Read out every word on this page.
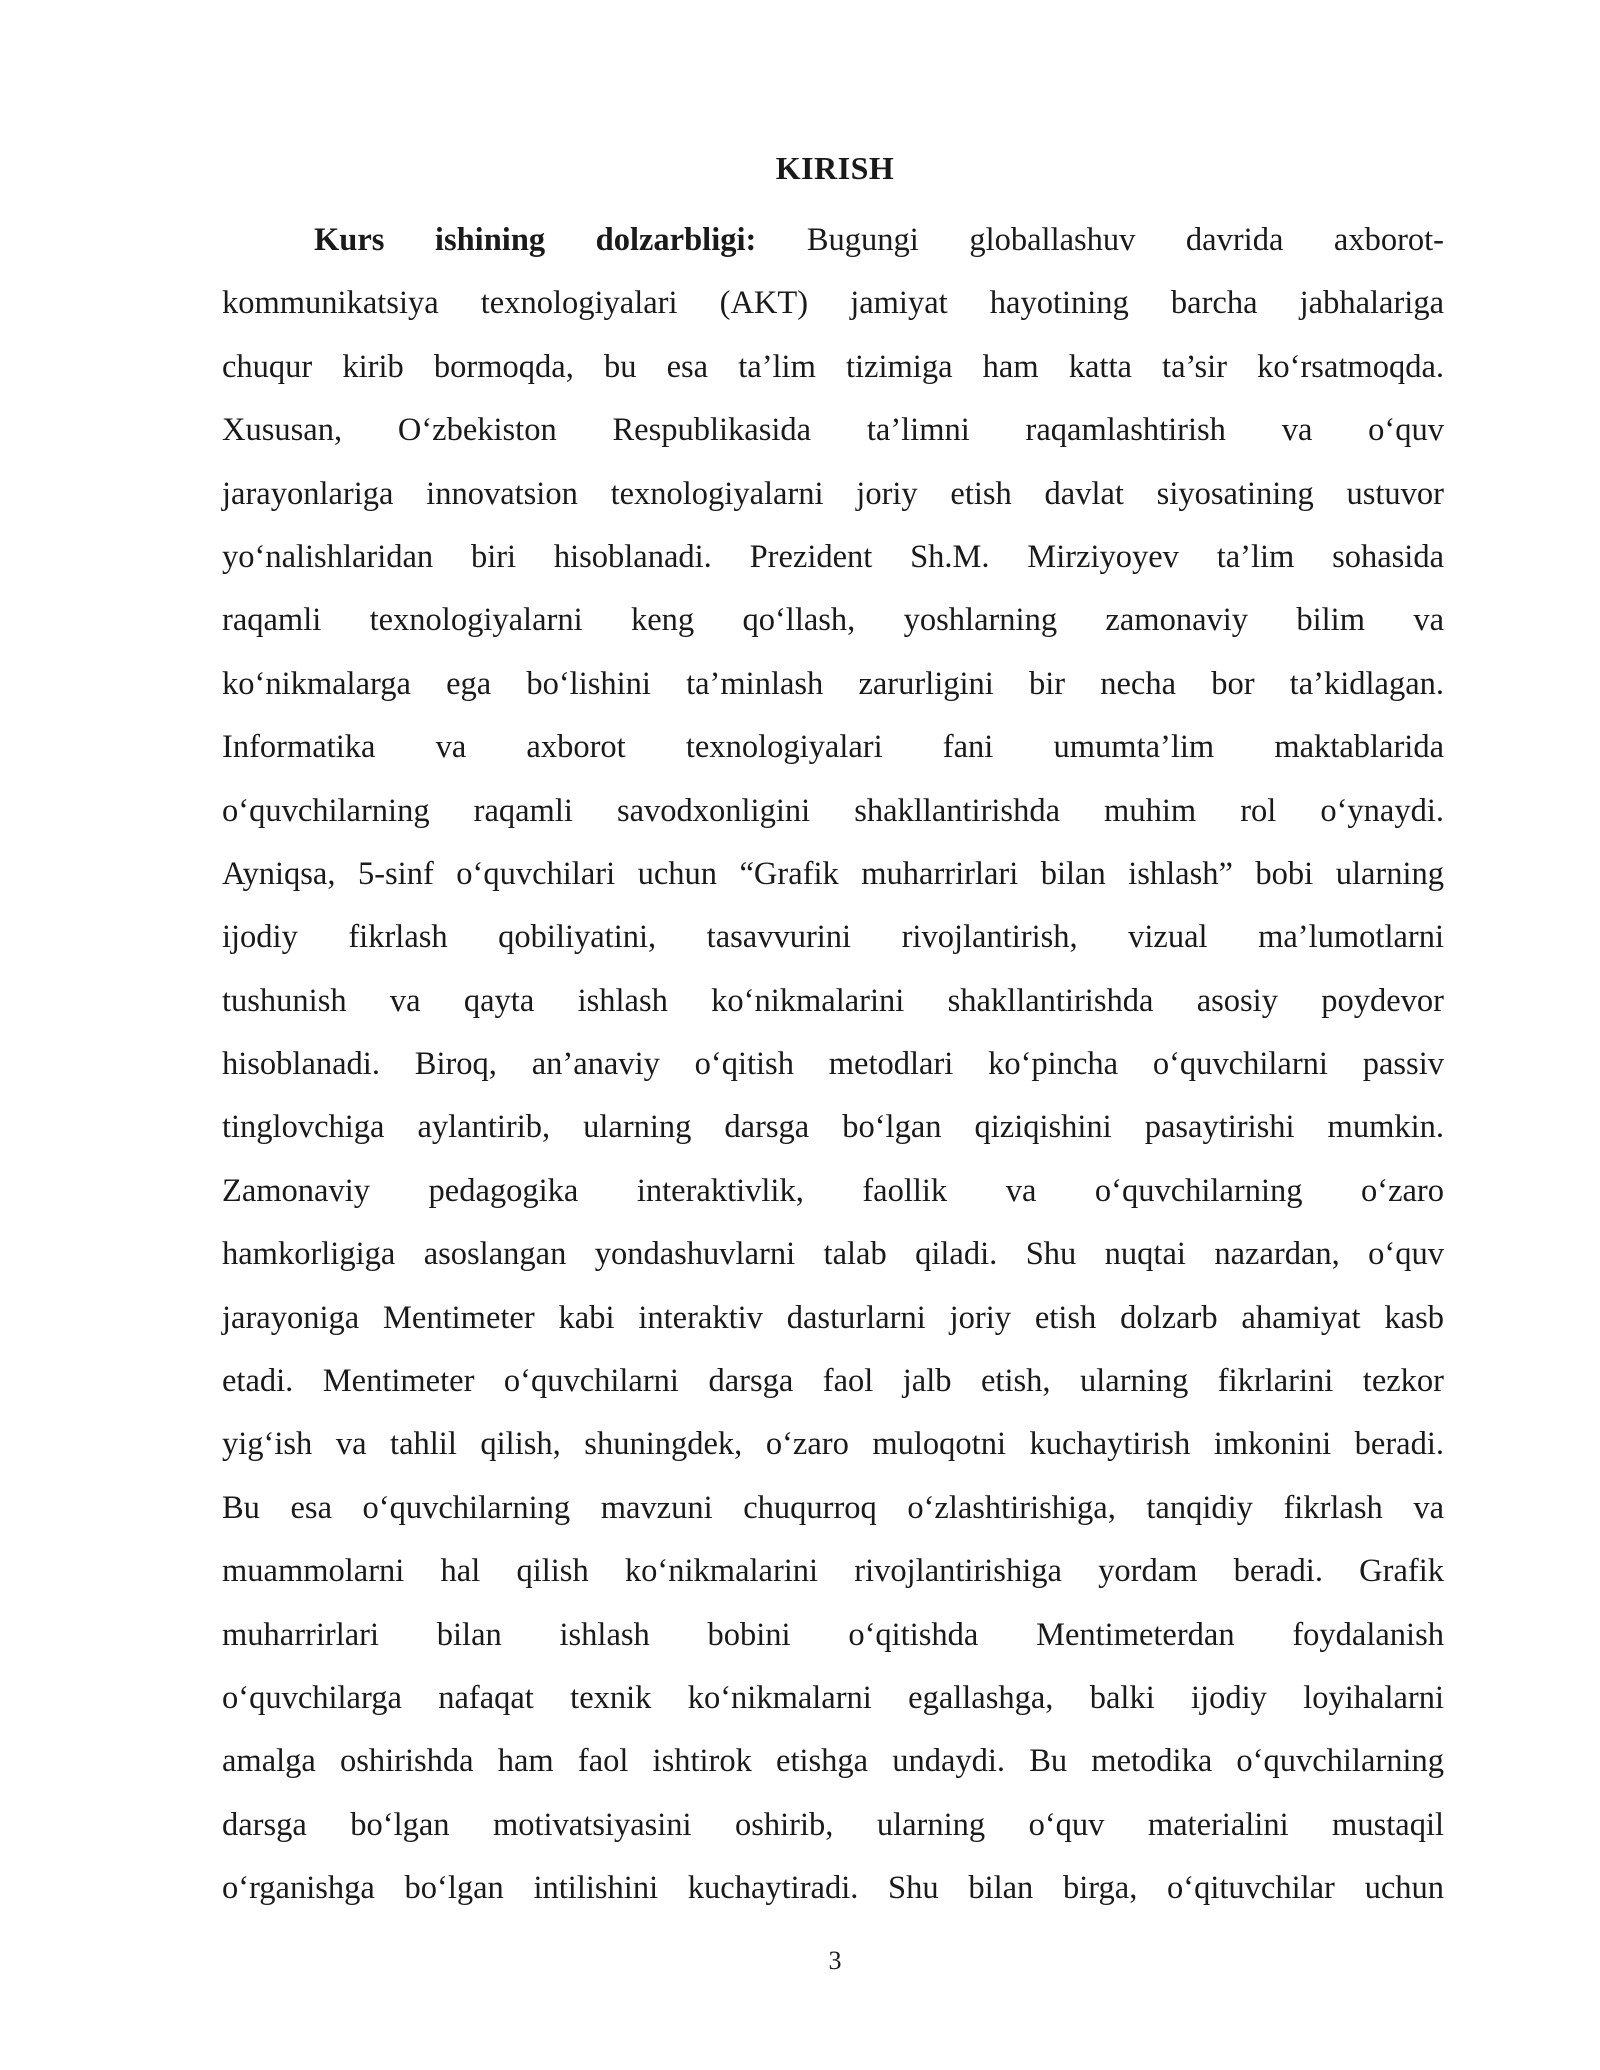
KIRISH
Kurs ishining dolzarbligi: Bugungi globallashuv davrida axborot-
kommunikatsiya texnologiyalari (AKT) jamiyat hayotining barcha jabhalariga
chuqur kirib bormoqda, bu esa ta’lim tizimiga ham katta ta’sir ko‘rsatmoqda.
Xususan, O‘zbekiston Respublikasida ta’limni raqamlashtirish va o‘quv
jarayonlariga innovatsion texnologiyalarni joriy etish davlat siyosatining ustuvor
yo‘nalishlaridan biri hisoblanadi. Prezident Sh.M. Mirziyoyev ta’lim sohasida
raqamli texnologiyalarni keng qo‘llash, yoshlarning zamonaviy bilim va
ko‘nikmalarga ega bo‘lishini ta’minlash zarurligini bir necha bor ta’kidlagan.
Informatika va axborot texnologiyalari fani umumta’lim maktablarida
o‘quvchilarning raqamli savodxonligini shakllantirishda muhim rol o‘ynaydi.
Ayniqsa, 5-sinf o‘quvchilari uchun “Grafik muharrirlari bilan ishlash” bobi ularning
ijodiy fikrlash qobiliyatini, tasavvurini rivojlantirish, vizual ma’lumotlarni
tushunish va qayta ishlash ko‘nikmalarini shakllantirishda asosiy poydevor
hisoblanadi. Biroq, an’anaviy o‘qitish metodlari ko‘pincha o‘quvchilarni passiv
tinglovchiga aylantirib, ularning darsga bo‘lgan qiziqishini pasaytirishi mumkin.
Zamonaviy pedagogika interaktivlik, faollik va o‘quvchilarning o‘zaro
hamkorligiga asoslangan yondashuvlarni talab qiladi. Shu nuqtai nazardan, o‘quv
jarayoniga Mentimeter kabi interaktiv dasturlarni joriy etish dolzarb ahamiyat kasb
etadi. Mentimeter o‘quvchilarni darsga faol jalb etish, ularning fikrlarini tezkor
yig‘ish va tahlil qilish, shuningdek, o‘zaro muloqotni kuchaytirish imkonini beradi.
Bu esa o‘quvchilarning mavzuni chuqurroq o‘zlashtirishiga, tanqidiy fikrlash va
muammolarni hal qilish ko‘nikmalarini rivojlantirishiga yordam beradi. Grafik
muharrirlari bilan ishlash bobini o‘qitishda Mentimeterdan foydalanish
o‘quvchilarga nafaqat texnik ko‘nikmalarni egallashga, balki ijodiy loyihalarni
amalga oshirishda ham faol ishtirok etishga undaydi. Bu metodika o‘quvchilarning
darsga bo‘lgan motivatsiyasini oshirib, ularning o‘quv materialini mustaqil
o‘rganishga bo‘lgan intilishini kuchaytiradi. Shu bilan birga, o‘qituvchilar uchun
3
